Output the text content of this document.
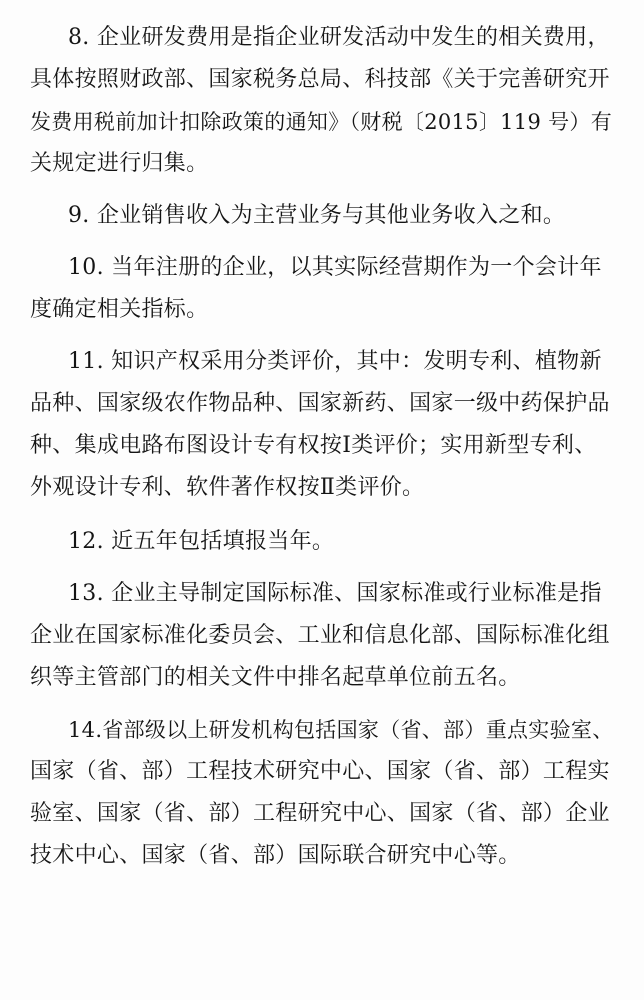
8. 企业研发费用是指企业研发活动中发生的相关费用，
具体按照财政部、国家税务总局、科技部《关于完善研究开
发费用税前加计扣除政策的通知》（财税〔2015〕119 号）有
关规定进行归集。
9. 企业销售收入为主营业务与其他业务收入之和。
10. 当年注册的企业，以其实际经营期作为一个会计年
度确定相关指标。
11. 知识产权采用分类评价，其中：发明专利、植物新
品种、国家级农作物品种、国家新药、国家一级中药保护品
种、集成电路布图设计专有权按Ⅰ类评价；实用新型专利、
外观设计专利、软件著作权按Ⅱ类评价。
12. 近五年包括填报当年。
13. 企业主导制定国际标准、国家标准或行业标准是指
企业在国家标准化委员会、工业和信息化部、国际标准化组
织等主管部门的相关文件中排名起草单位前五名。
14.省部级以上研发机构包括国家（省、部）重点实验室、
国家（省、部）工程技术研究中心、国家（省、部）工程实
验室、国家（省、部）工程研究中心、国家（省、部）企业
技术中心、国家（省、部）国际联合研究中心等。
